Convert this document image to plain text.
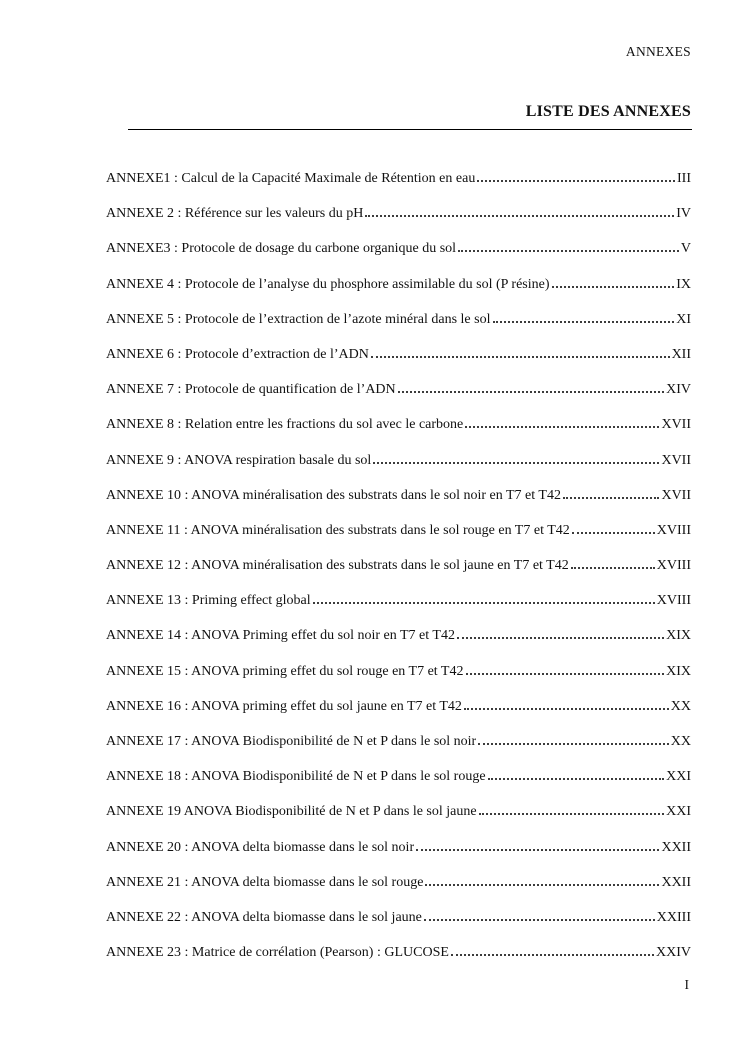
ANNEXES
LISTE DES ANNEXES
ANNEXE1 : Calcul de la Capacité Maximale de Rétention en eau	III
ANNEXE 2 : Référence sur les valeurs du pH	IV
ANNEXE3 : Protocole de dosage du carbone organique du sol	V
ANNEXE 4 : Protocole de l’analyse du phosphore assimilable du sol (P résine)	IX
ANNEXE 5 : Protocole de l’extraction de l’azote minéral dans le sol	XI
ANNEXE 6 : Protocole d’extraction de l’ADN	XII
ANNEXE 7 : Protocole de quantification de l’ADN	XIV
ANNEXE 8 : Relation entre les fractions du sol avec le carbone	XVII
ANNEXE 9 : ANOVA respiration basale du sol	XVII
ANNEXE 10 : ANOVA minéralisation des substrats dans le sol noir en T7 et T42	XVII
ANNEXE 11 : ANOVA minéralisation des substrats dans le sol rouge en T7 et T42	XVIII
ANNEXE 12 : ANOVA minéralisation des substrats dans le sol jaune en T7 et T42	XVIII
ANNEXE 13 : Priming effect global	XVIII
ANNEXE 14 : ANOVA Priming effet du sol noir en T7 et T42	XIX
ANNEXE 15 : ANOVA priming effet du sol rouge en T7 et T42	XIX
ANNEXE 16 : ANOVA priming effet du sol jaune en T7 et T42	XX
ANNEXE 17 : ANOVA Biodisponibilité de N et P dans le sol noir	XX
ANNEXE 18 : ANOVA Biodisponibilité de N et P dans le sol rouge	XXI
ANNEXE 19 ANOVA Biodisponibilité de N et P dans le sol jaune	XXI
ANNEXE 20 : ANOVA delta biomasse dans le sol noir	XXII
ANNEXE 21 : ANOVA delta biomasse dans le sol rouge	XXII
ANNEXE 22 : ANOVA delta biomasse dans le sol jaune	XXIII
ANNEXE 23 : Matrice de corrélation (Pearson) : GLUCOSE	XXIV
I
